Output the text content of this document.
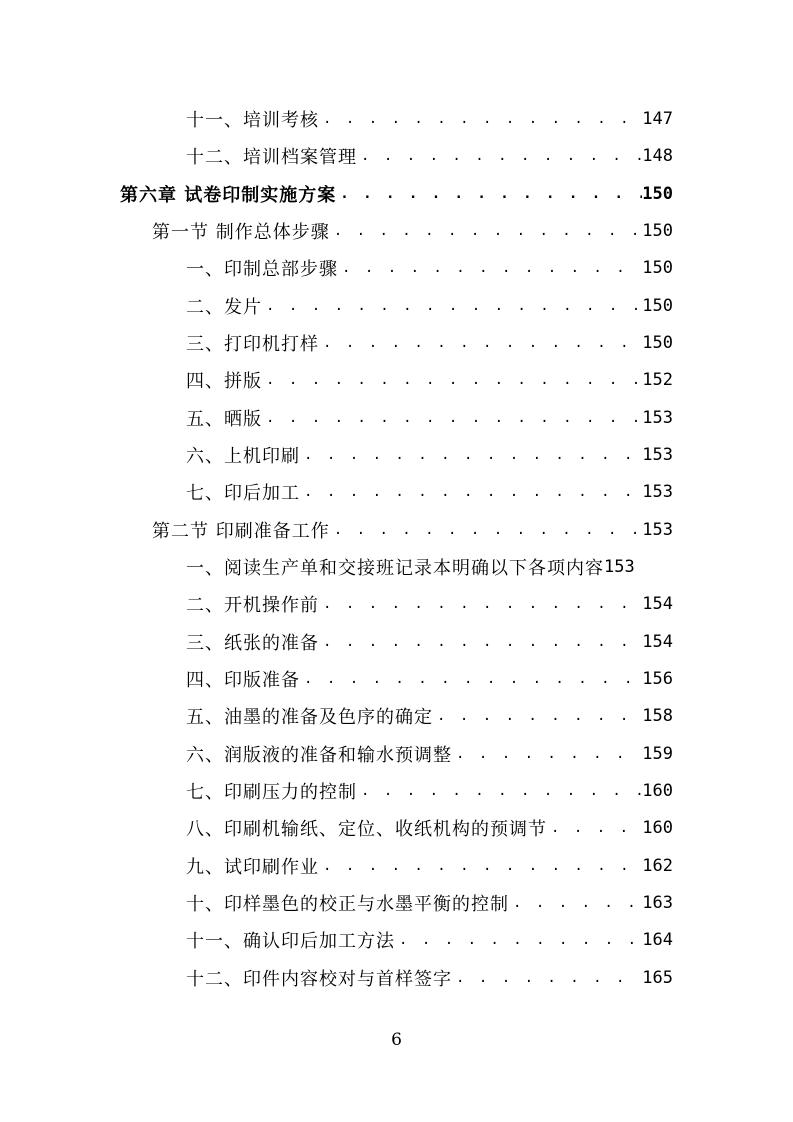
十一、培训考核 . . .	147
十二、培训档案管理 . . .	148
第六章 试卷印制实施方案 . . .	150
第一节 制作总体步骤 . . .	150
一、印制总部步骤 . . .	150
二、发片 . . .	150
三、打印机打样 . . .	150
四、拼版 . . .	152
五、晒版 . . .	153
六、上机印刷 . . .	153
七、印后加工 . . .	153
第二节 印刷准备工作 . . .	153
一、阅读生产单和交接班记录本明确以下各项内容 153
二、开机操作前 . . .	154
三、纸张的准备 . . .	154
四、印版准备 . . .	156
五、油墨的准备及色序的确定 . . .	158
六、润版液的准备和输水预调整 . . .	159
七、印刷压力的控制 . . .	160
八、印刷机输纸、定位、收纸机构的预调节 . . .	160
九、试印刷作业 . . .	162
十、印样墨色的校正与水墨平衡的控制 . . .	163
十一、确认印后加工方法 . . .	164
十二、印件内容校对与首样签字 . . .	165
6
